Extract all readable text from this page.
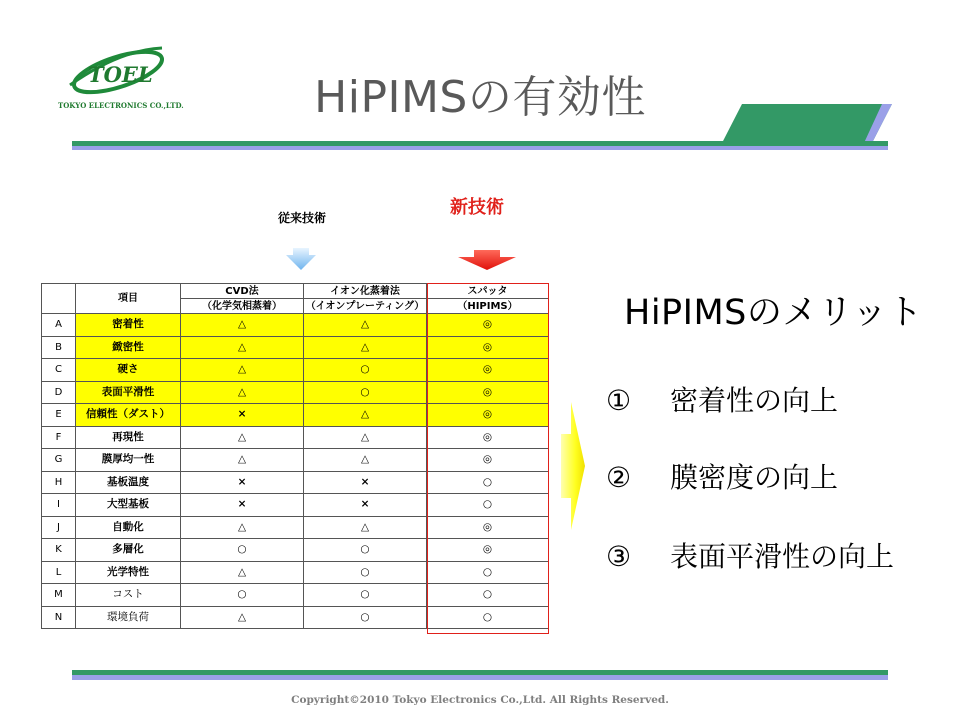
TOEL
TOKYO ELECTRONICS CO.,LTD.	HiPIMSの有効性
従来技術	新技術
	項目	CVD法	イオン化蒸着法	スパッタ
		（化学気相蒸着）	（イオンプレーティング）	（HIPIMS）
A	密着性	△	△	◎
B	緻密性	△	△	◎
C	硬さ	△	○	◎
D	表面平滑性	△	○	◎
E	信頼性（ダスト）	×	△	◎
F	再現性	△	△	◎
G	膜厚均一性	△	△	◎
H	基板温度	×	×	○
I	大型基板	×	×	○
J	自動化	△	△	◎
K	多層化	○	○	◎
L	光学特性	△	○	○
M	コスト	○	○	○
N	環境負荷	△	○	○
HiPIMSのメリット
① 密着性の向上
② 膜密度の向上
③ 表面平滑性の向上
Copyright©2010 Tokyo Electronics Co.,Ltd. All Rights Reserved.
